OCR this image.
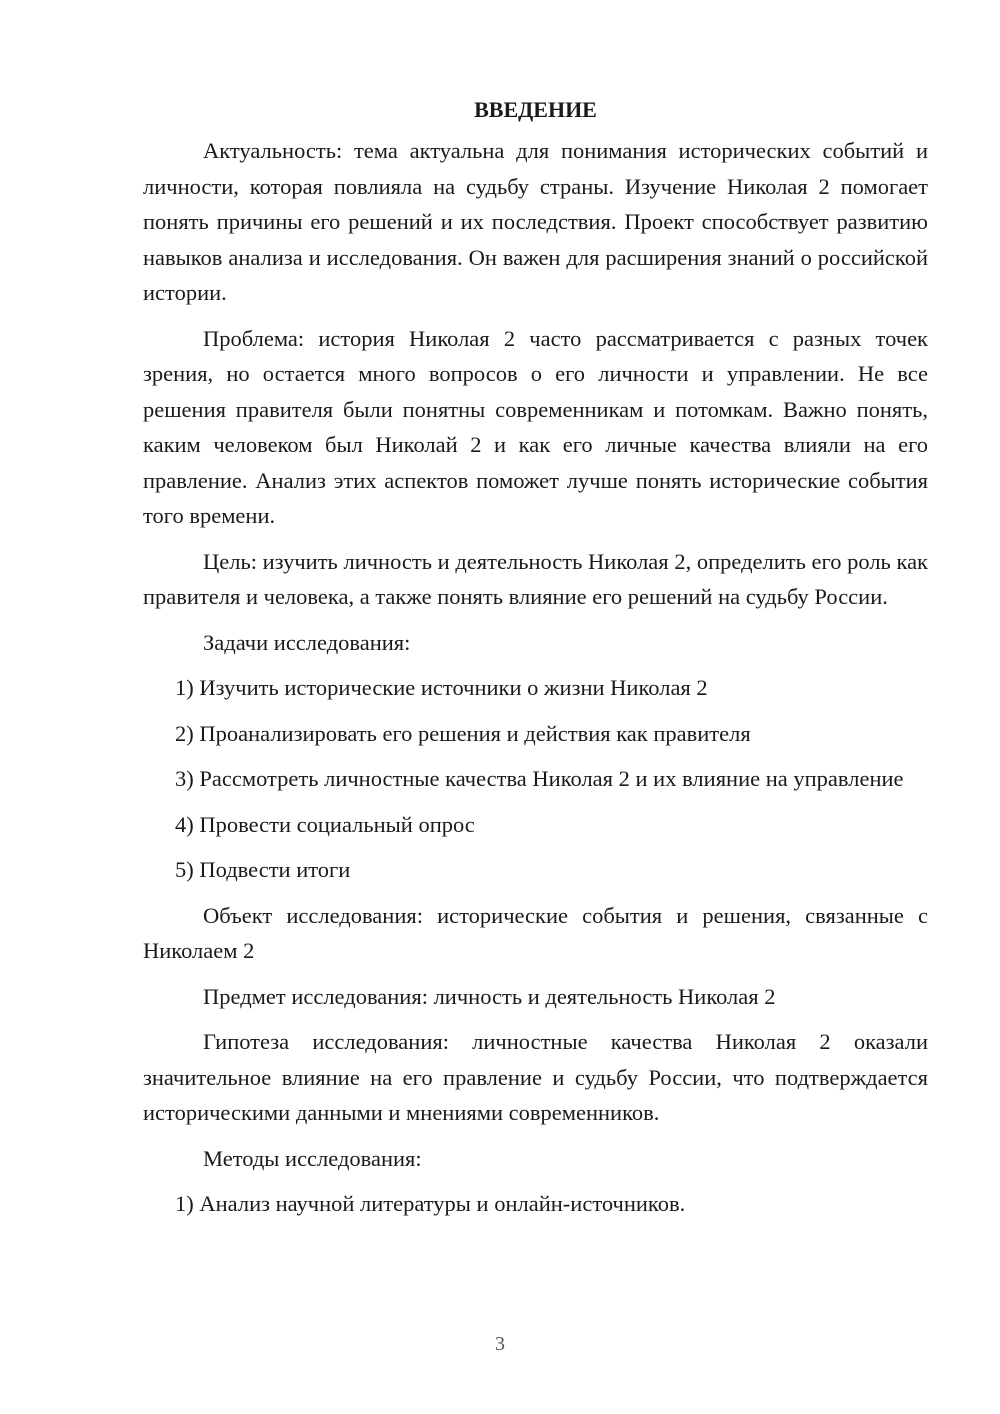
ВВЕДЕНИЕ

Актуальность: тема актуальна для понимания исторических событий и личности, которая повлияла на судьбу страны. Изучение Николая 2 помогает понять причины его решений и их последствия. Проект способствует развитию навыков анализа и исследования. Он важен для расширения знаний о российской истории.

Проблема: история Николая 2 часто рассматривается с разных точек зрения, но остается много вопросов о его личности и управлении. Не все решения правителя были понятны современникам и потомкам. Важно понять, каким человеком был Николай 2 и как его личные качества влияли на его правление. Анализ этих аспектов поможет лучше понять исторические события того времени.

Цель: изучить личность и деятельность Николая 2, определить его роль как правителя и человека, а также понять влияние его решений на судьбу России.

Задачи исследования:

1) Изучить исторические источники о жизни Николая 2

2) Проанализировать его решения и действия как правителя

3) Рассмотреть личностные качества Николая 2 и их влияние на управление

4) Провести социальный опрос

5) Подвести итоги

Объект исследования: исторические события и решения, связанные с Николаем 2

Предмет исследования: личность и деятельность Николая 2

Гипотеза исследования: личностные качества Николая 2 оказали значительное влияние на его правление и судьбу России, что подтверждается историческими данными и мнениями современников.

Методы исследования:

1) Анализ научной литературы и онлайн-источников.

3
